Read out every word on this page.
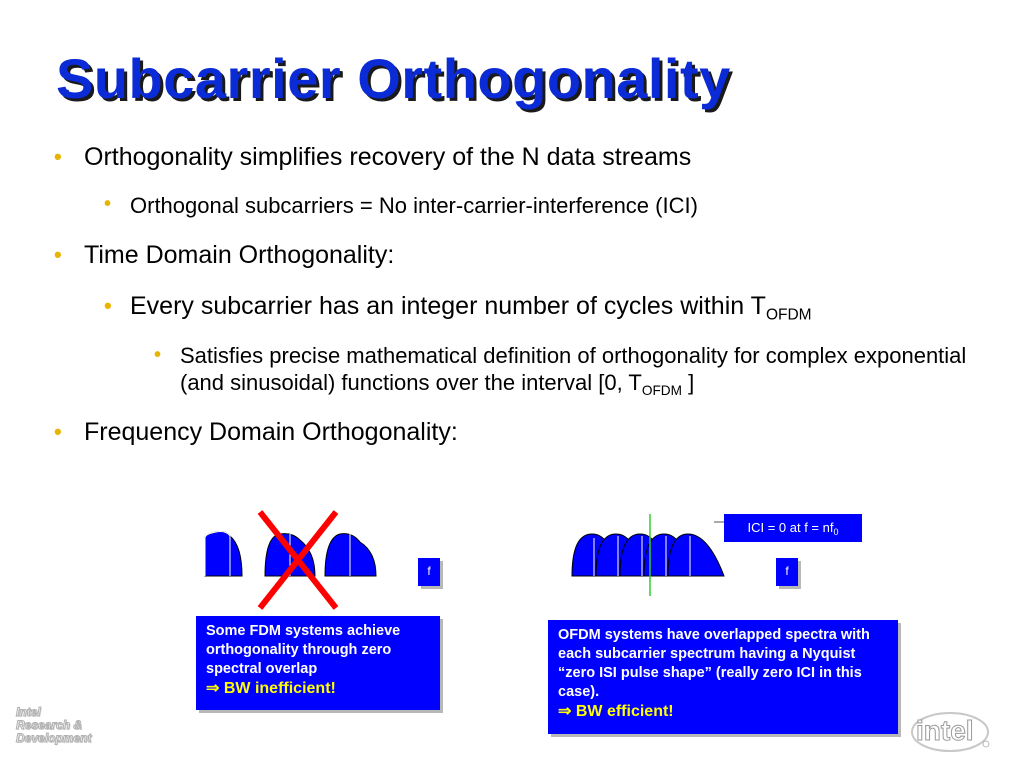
Subcarrier Orthogonality

• Orthogonality simplifies recovery of the N data streams

• Orthogonal subcarriers = No inter-carrier-interference (ICI)

• Time Domain Orthogonality:

• Every subcarrier has an integer number of cycles within $T_{OFDM}$

• Satisfies precise mathematical definition of orthogonality for complex exponential (and sinusoidal) functions over the interval [0, $T_{OFDM}$ ]

• Frequency Domain Orthogonality:

f
Some FDM systems achieve orthogonality through zero spectral overlap
⇒ BW inefficient!
ICI = 0 at $f = nf_0$
f
OFDM systems have overlapped spectra with each subcarrier spectrum having a Nyquist “zero ISI pulse shape” (really zero ICI in this case).
⇒ BW efficient!
Intel
Research &
Development	intel
